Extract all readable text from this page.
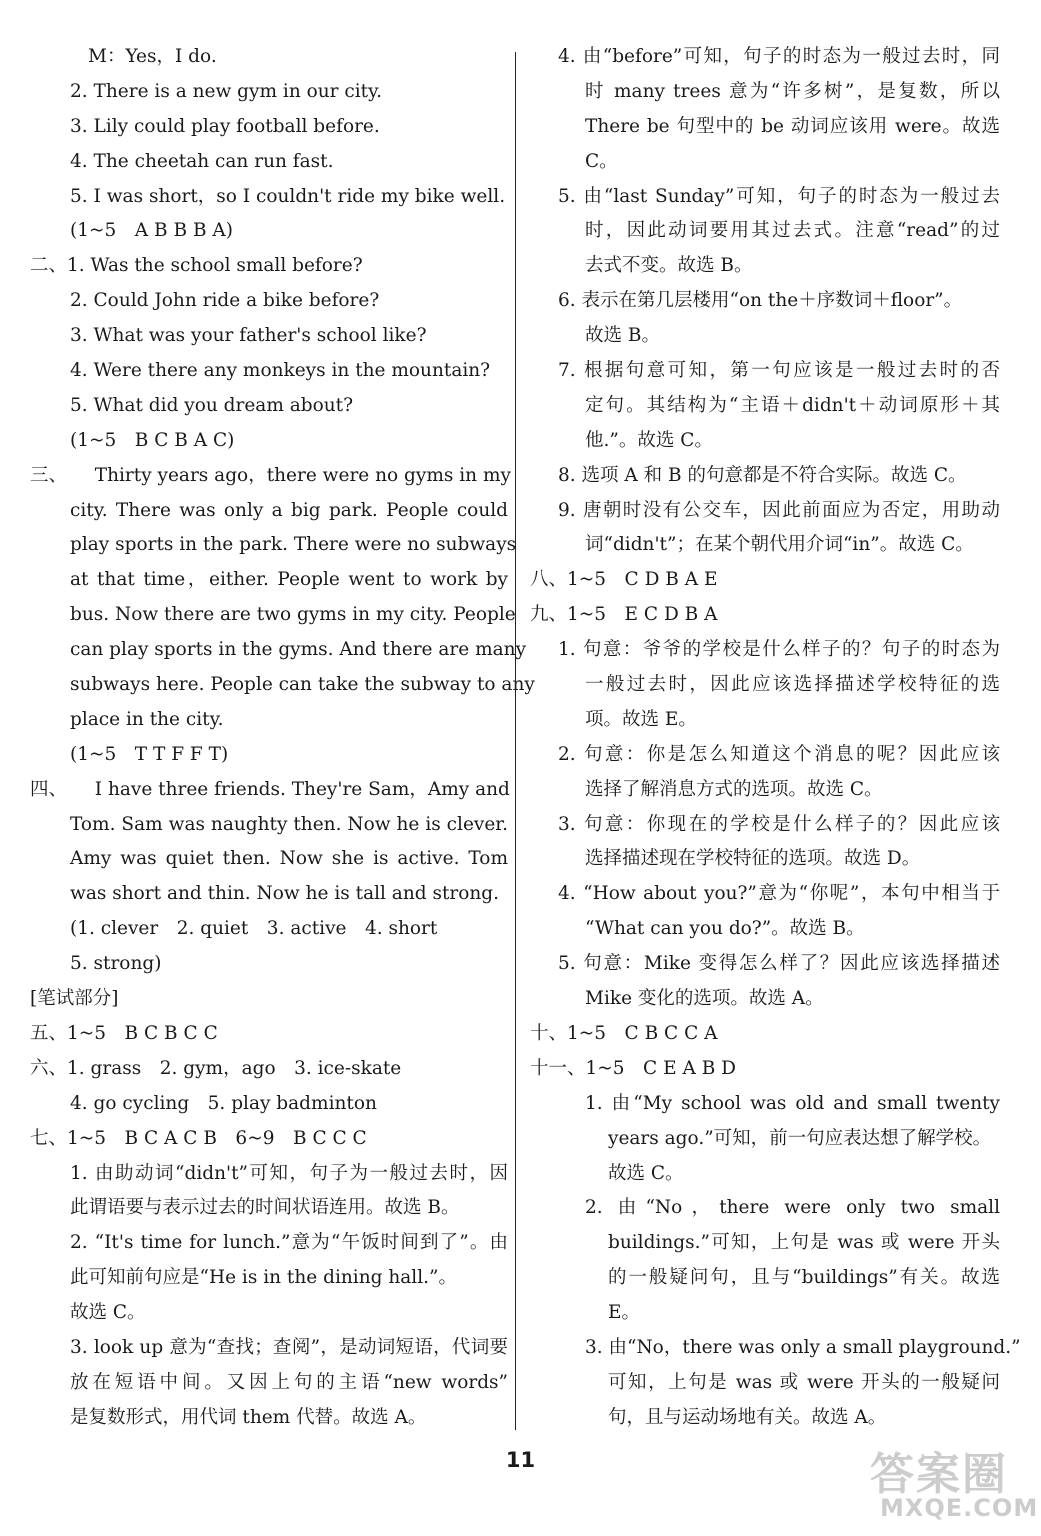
M：Yes，I do.
2. There is a new gym in our city.
3. Lily could play football before.
4. The cheetah can run fast.
5. I was short，so I couldn't ride my bike well.
(1~5　A B B B A)
二、1. Was the school small before?
2. Could John ride a bike before?
3. What was your father's school like?
4. Were there any monkeys in the mountain?
5. What did you dream about?
(1~5　B C B A C)
三、　　Thirty years ago，there were no gyms in my
city. There was only a big park. People could
play sports in the park. There were no subways
at that time，either. People went to work by
bus. Now there are two gyms in my city. People
can play sports in the gyms. And there are many
subways here. People can take the subway to any
place in the city.
(1~5　T T F F T)
四、　　I have three friends. They're Sam，Amy and
Tom. Sam was naughty then. Now he is clever.
Amy was quiet then. Now she is active. Tom
was short and thin. Now he is tall and strong.
(1. clever　2. quiet　3. active　4. short
5. strong)
[笔试部分]
五、1~5　B C B C C
六、1. grass　2. gym，ago　3. ice-skate
4. go cycling　5. play badminton
七、1~5　B C A C B　6~9　B C C C
1. 由助动词“didn't”可知，句子为一般过去时，因
此谓语要与表示过去的时间状语连用。故选 B。
2. “It's time for lunch.”意为“午饭时间到了”。由
此可知前句应是“He is in the dining hall.”。
故选 C。
3. look up 意为“查找；查阅”，是动词短语，代词要
放在短语中间。又因上句的主语“new words”
是复数形式，用代词 them 代替。故选 A。
4. 由“before”可知，句子的时态为一般过去时，同
时 many trees 意为“许多树”，是复数，所以
There be 句型中的 be 动词应该用 were。故选
C。
5. 由“last Sunday”可知，句子的时态为一般过去
时，因此动词要用其过去式。注意“read”的过
去式不变。故选 B。
6. 表示在第几层楼用“on the＋序数词＋floor”。
故选 B。
7. 根据句意可知，第一句应该是一般过去时的否
定句。其结构为“主语＋didn't＋动词原形＋其
他.”。故选 C。
8. 选项 A 和 B 的句意都是不符合实际。故选 C。
9. 唐朝时没有公交车，因此前面应为否定，用助动
词“didn't”；在某个朝代用介词“in”。故选 C。
八、1~5　C D B A E
九、1~5　E C D B A
1. 句意：爷爷的学校是什么样子的？句子的时态为
一般过去时，因此应该选择描述学校特征的选
项。故选 E。
2. 句意：你是怎么知道这个消息的呢？因此应该
选择了解消息方式的选项。故选 C。
3. 句意：你现在的学校是什么样子的？因此应该
选择描述现在学校特征的选项。故选 D。
4. “How about you?”意为“你呢”，本句中相当于
“What can you do?”。故选 B。
5. 句意：Mike 变得怎么样了？因此应该选择描述
Mike 变化的选项。故选 A。
十、1~5　C B C C A
十一、1~5　C E A B D
1. 由“My school was old and small twenty
years ago.”可知，前一句应表达想了解学校。
故选 C。
2. 由“No，there were only two small
buildings.”可知，上句是 was 或 were 开头
的一般疑问句，且与“buildings”有关。故选
E。
3. 由“No，there was only a small playground.”
可知，上句是 was 或 were 开头的一般疑问
句，且与运动场地有关。故选 A。
11	答案圈
MXQE.COM
